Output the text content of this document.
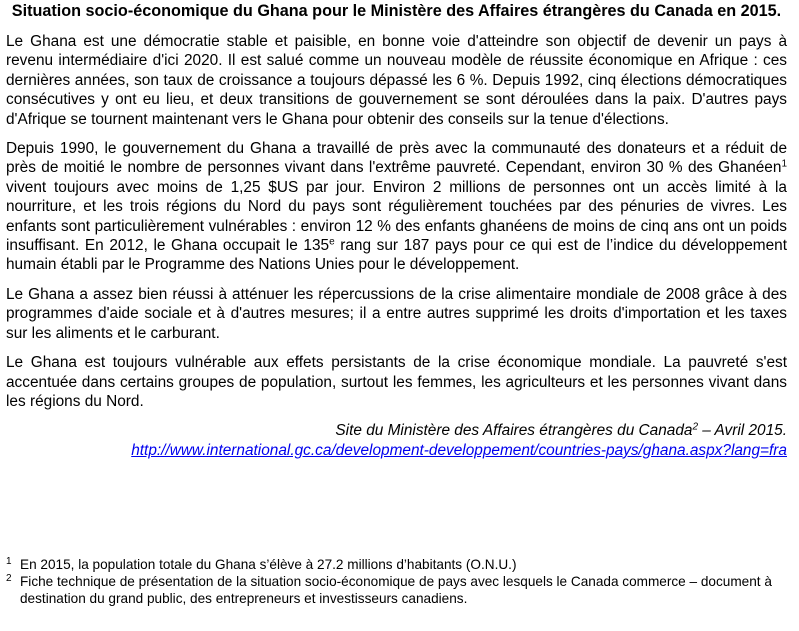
Situation socio-économique du Ghana pour le Ministère des Affaires étrangères du Canada en 2015.

Le Ghana est une démocratie stable et paisible, en bonne voie d'atteindre son objectif de devenir un pays à revenu intermédiaire d'ici 2020. Il est salué comme un nouveau modèle de réussite économique en Afrique : ces dernières années, son taux de croissance a toujours dépassé les 6 %. Depuis 1992, cinq élections démocratiques consécutives y ont eu lieu, et deux transitions de gouvernement se sont déroulées dans la paix. D'autres pays d'Afrique se tournent maintenant vers le Ghana pour obtenir des conseils sur la tenue d'élections.

Depuis 1990, le gouvernement du Ghana a travaillé de près avec la communauté des donateurs et a réduit de près de moitié le nombre de personnes vivant dans l'extrême pauvreté. Cependant, environ 30 % des Ghanéen$^1$ vivent toujours avec moins de 1,25 $US par jour. Environ 2 millions de personnes ont un accès limité à la nourriture, et les trois régions du Nord du pays sont régulièrement touchées par des pénuries de vivres. Les enfants sont particulièrement vulnérables : environ 12 % des enfants ghanéens de moins de cinq ans ont un poids insuffisant. En 2012, le Ghana occupait le 135e rang sur 187 pays pour ce qui est de l’indice du développement humain établi par le Programme des Nations Unies pour le développement.

Le Ghana a assez bien réussi à atténuer les répercussions de la crise alimentaire mondiale de 2008 grâce à des programmes d'aide sociale et à d'autres mesures; il a entre autres supprimé les droits d'importation et les taxes sur les aliments et le carburant.

Le Ghana est toujours vulnérable aux effets persistants de la crise économique mondiale. La pauvreté s'est accentuée dans certains groupes de population, surtout les femmes, les agriculteurs et les personnes vivant dans les régions du Nord.

Site du Ministère des Affaires étrangères du Canada$^2$ – Avril 2015.
http://www.international.gc.ca/development-developpement/countries-pays/ghana.aspx?lang=fra
1 En 2015, la population totale du Ghana s’élève à 27.2 millions d’habitants (O.N.U.)
2 Fiche technique de présentation de la situation socio-économique de pays avec lesquels le Canada commerce – document à destination du grand public, des entrepreneurs et investisseurs canadiens.
